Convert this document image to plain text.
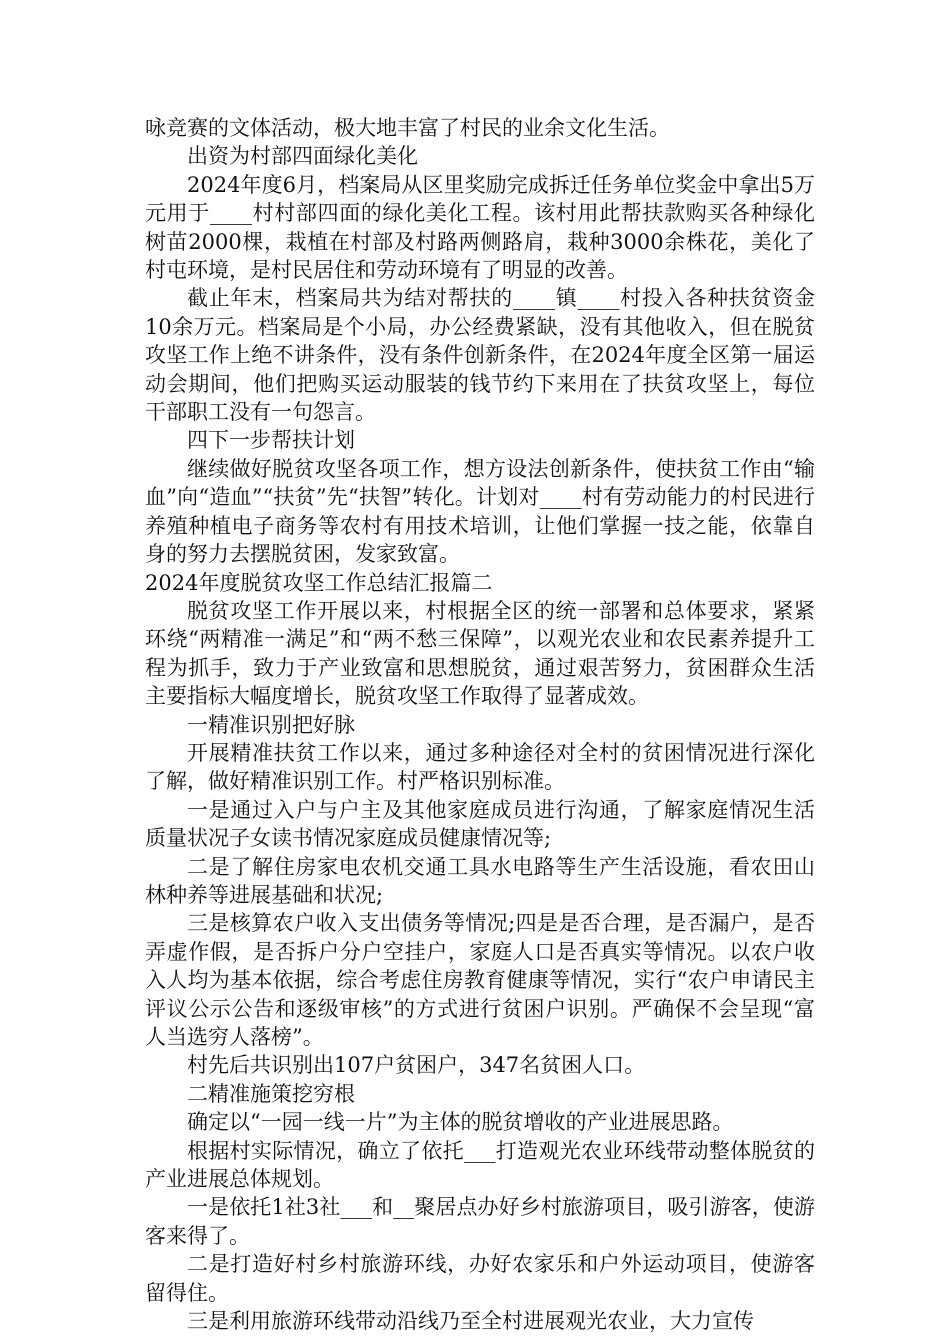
咏竞赛的文体活动，极大地丰富了村民的业余文化生活。

出资为村部四面绿化美化

2024年度6月，档案局从区里奖励完成拆迁任务单位奖金中拿出5万元用于____村村部四面的绿化美化工程。该村用此帮扶款购买各种绿化树苗2000棵，栽植在村部及村路两侧路肩，栽种3000余株花，美化了村屯环境，是村民居住和劳动环境有了明显的改善。

截止年末，档案局共为结对帮扶的____镇____村投入各种扶贫资金10余万元。档案局是个小局，办公经费紧缺，没有其他收入，但在脱贫攻坚工作上绝不讲条件，没有条件创新条件，在2024年度全区第一届运动会期间，他们把购买运动服装的钱节约下来用在了扶贫攻坚上，每位干部职工没有一句怨言。

四下一步帮扶计划

继续做好脱贫攻坚各项工作，想方设法创新条件，使扶贫工作由“输血”向“造血”“扶贫”先“扶智”转化。计划对____村有劳动能力的村民进行养殖种植电子商务等农村有用技术培训，让他们掌握一技之能，依靠自身的努力去摆脱贫困，发家致富。

2024年度脱贫攻坚工作总结汇报篇二

脱贫攻坚工作开展以来，村根据全区的统一部署和总体要求，紧紧环绕“两精准一满足”和“两不愁三保障”，以观光农业和农民素养提升工程为抓手，致力于产业致富和思想脱贫，通过艰苦努力，贫困群众生活主要指标大幅度增长，脱贫攻坚工作取得了显著成效。

一精准识别把好脉

开展精准扶贫工作以来，通过多种途径对全村的贫困情况进行深化了解，做好精准识别工作。村严格识别标准。

一是通过入户与户主及其他家庭成员进行沟通，了解家庭情况生活质量状况子女读书情况家庭成员健康情况等;

二是了解住房家电农机交通工具水电路等生产生活设施，看农田山林种养等进展基础和状况;

三是核算农户收入支出债务等情况;四是是否合理，是否漏户，是否弄虚作假，是否拆户分户空挂户，家庭人口是否真实等情况。以农户收入人均为基本依据，综合考虑住房教育健康等情况，实行“农户申请民主评议公示公告和逐级审核”的方式进行贫困户识别。严确保不会呈现“富人当选穷人落榜”。

村先后共识别出107户贫困户，347名贫困人口。

二精准施策挖穷根

确定以“一园一线一片”为主体的脱贫增收的产业进展思路。

根据村实际情况，确立了依托___打造观光农业环线带动整体脱贫的产业进展总体规划。

一是依托1社3社___和__聚居点办好乡村旅游项目，吸引游客，使游客来得了。

二是打造好村乡村旅游环线，办好农家乐和户外运动项目，使游客留得住。

三是利用旅游环线带动沿线乃至全村进展观光农业，大力宣传
